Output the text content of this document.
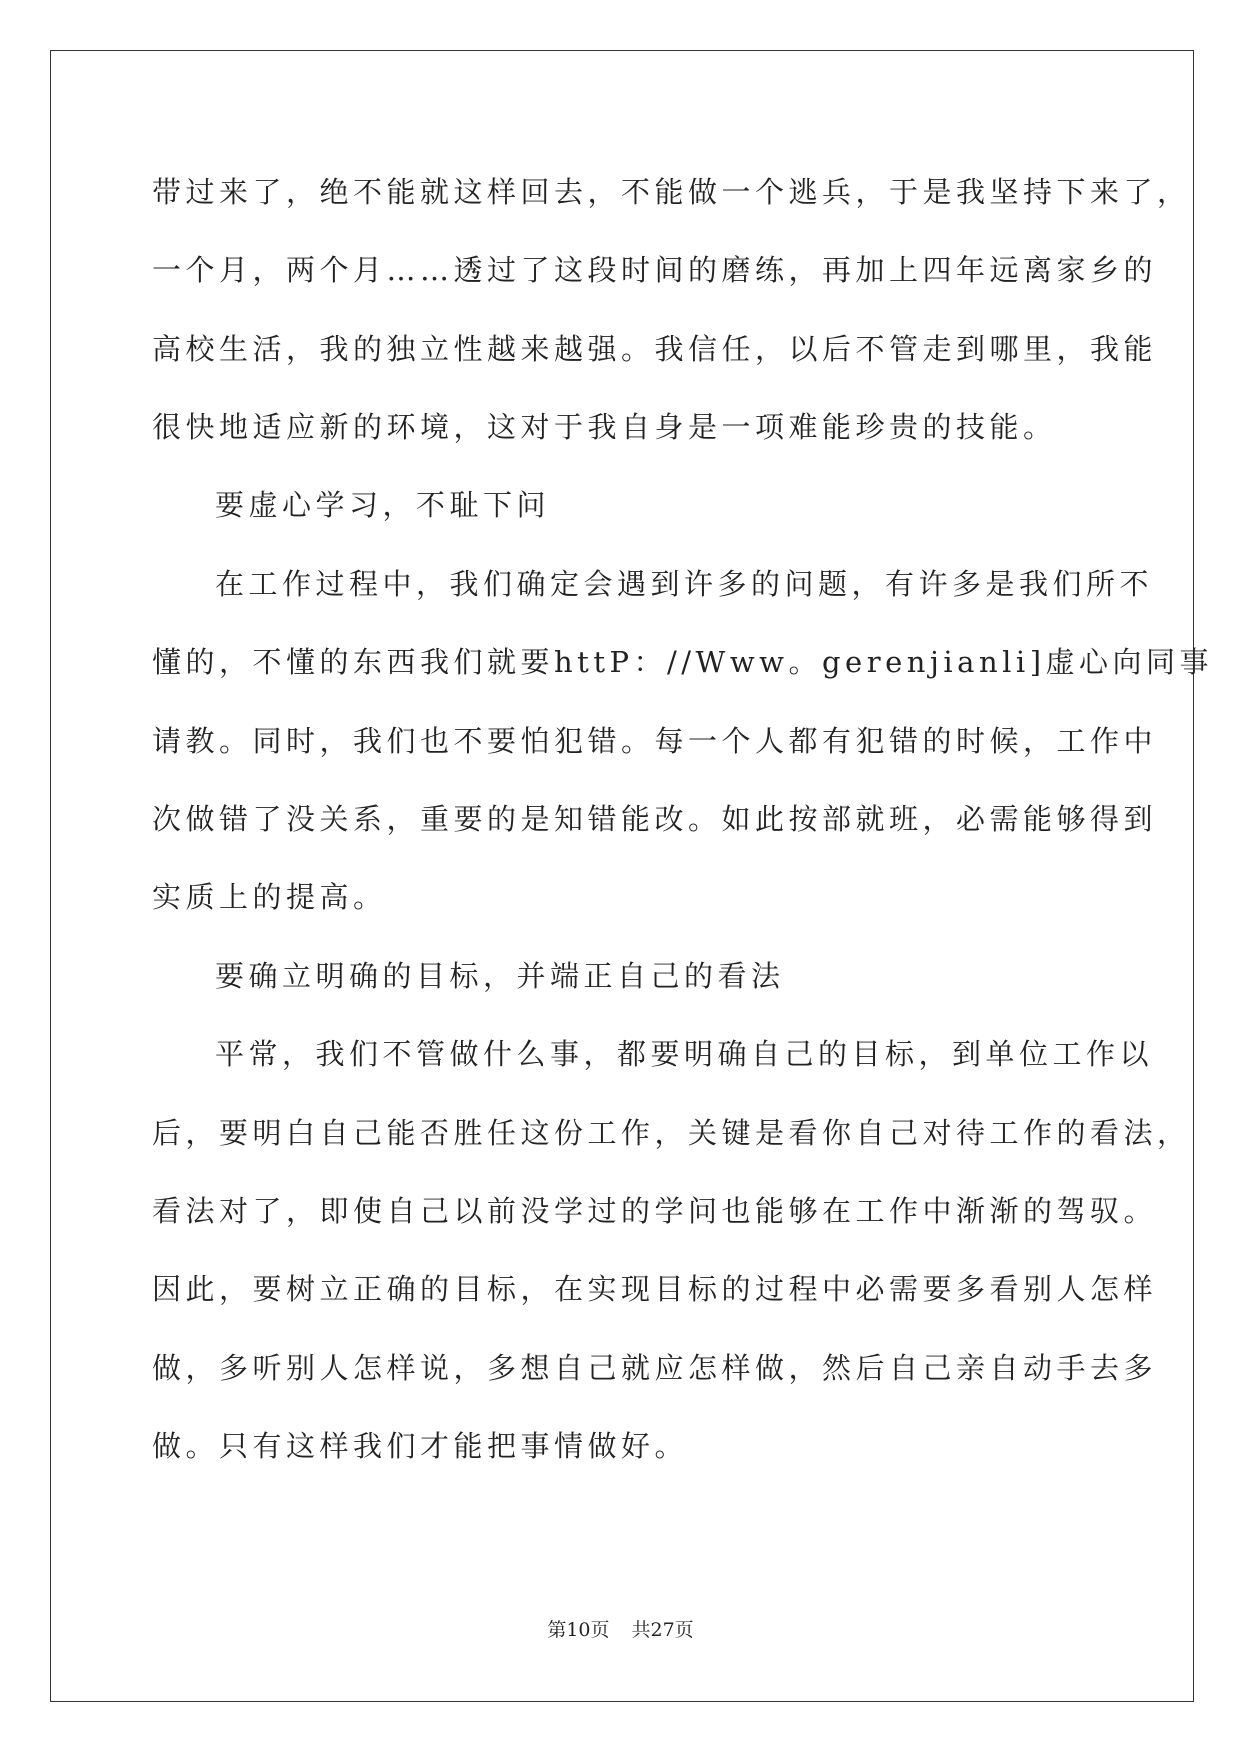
带过来了，绝不能就这样回去，不能做一个逃兵，于是我坚持下来了，
一个月，两个月……透过了这段时间的磨练，再加上四年远离家乡的
高校生活，我的独立性越来越强。我信任，以后不管走到哪里，我能
很快地适应新的环境，这对于我自身是一项难能珍贵的技能。
要虚心学习，不耻下问
在工作过程中，我们确定会遇到许多的问题，有许多是我们所不
懂的，不懂的东西我们就要httP：//Www。gerenjianli]虚心向同事
请教。同时，我们也不要怕犯错。每一个人都有犯错的时候，工作中
次做错了没关系，重要的是知错能改。如此按部就班，必需能够得到
实质上的提高。
要确立明确的目标，并端正自己的看法
平常，我们不管做什么事，都要明确自己的目标，到单位工作以
后，要明白自己能否胜任这份工作，关键是看你自己对待工作的看法，
看法对了，即使自己以前没学过的学问也能够在工作中渐渐的驾驭。
因此，要树立正确的目标，在实现目标的过程中必需要多看别人怎样
做，多听别人怎样说，多想自己就应怎样做，然后自己亲自动手去多
做。只有这样我们才能把事情做好。
第10页 共27页
